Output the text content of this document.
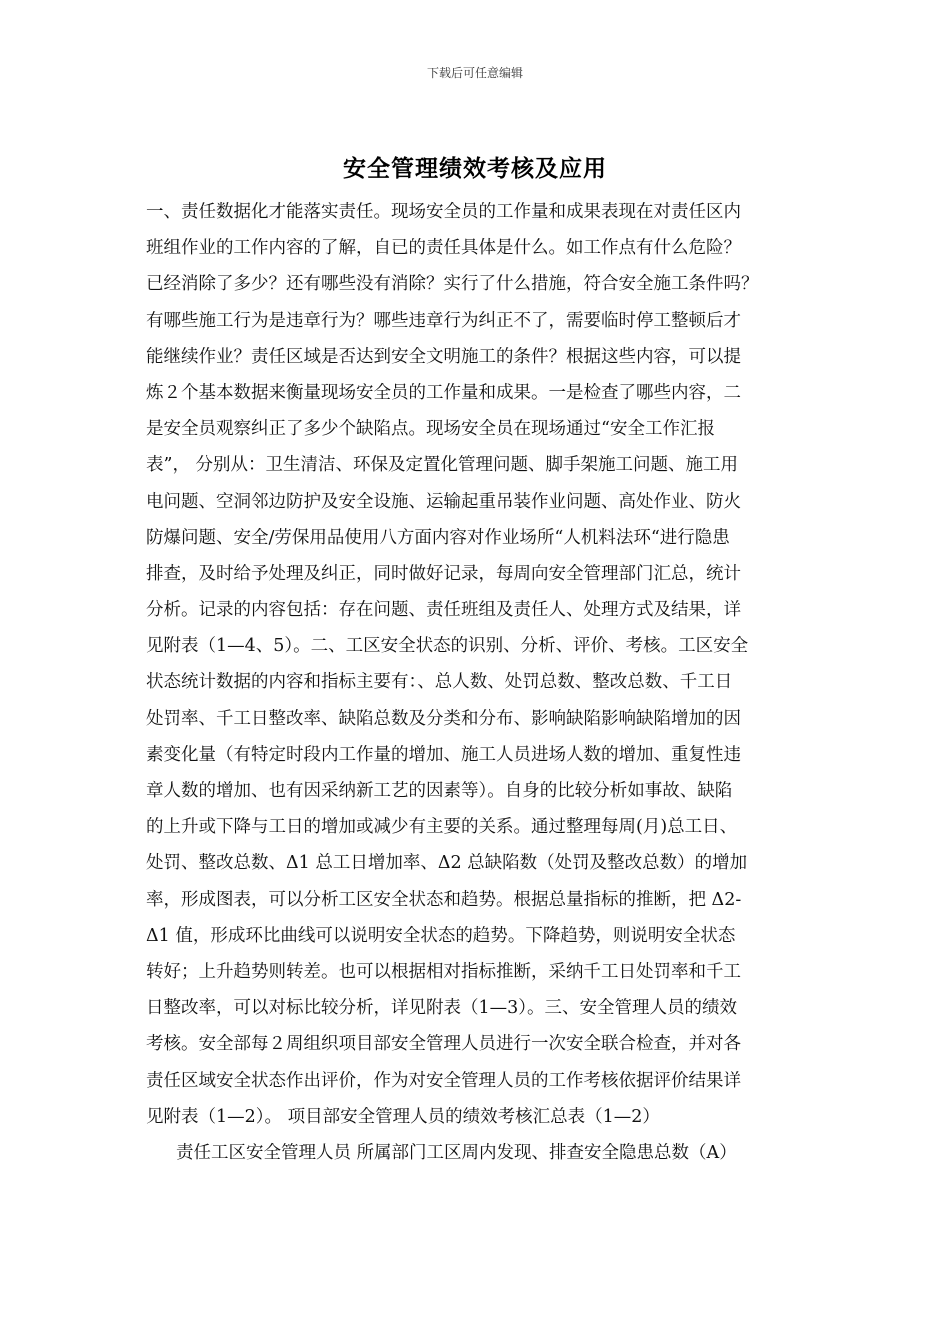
下载后可任意编辑
安全管理绩效考核及应用
一、责任数据化才能落实责任。现场安全员的工作量和成果表现在对责任区内
班组作业的工作内容的了解，自已的责任具体是什么。如工作点有什么危险？
已经消除了多少？还有哪些没有消除？实行了什么措施，符合安全施工条件吗？
有哪些施工行为是违章行为？哪些违章行为纠正不了，需要临时停工整顿后才
能继续作业？责任区域是否达到安全文明施工的条件？根据这些内容，可以提
炼２个基本数据来衡量现场安全员的工作量和成果。一是检查了哪些内容，二
是安全员观察纠正了多少个缺陷点。现场安全员在现场通过“安全工作汇报
表”， 分别从：卫生清洁、环保及定置化管理问题、脚手架施工问题、施工用
电问题、空洞邻边防护及安全设施、运输起重吊装作业问题、高处作业、防火
防爆问题、安全/劳保用品使用八方面内容对作业场所“人机料法环“进行隐患
排查，及时给予处理及纠正，同时做好记录，每周向安全管理部门汇总，统计
分析。记录的内容包括：存在问题、责任班组及责任人、处理方式及结果，详
见附表（1—4、5）。二、工区安全状态的识别、分析、评价、考核。工区安全
状态统计数据的内容和指标主要有：、总人数、处罚总数、整改总数、千工日
处罚率、千工日整改率、缺陷总数及分类和分布、影响缺陷影响缺陷增加的因
素变化量（有特定时段内工作量的增加、施工人员进场人数的增加、重复性违
章人数的增加、也有因采纳新工艺的因素等）。自身的比较分析如事故、缺陷
的上升或下降与工日的增加或减少有主要的关系。通过整理每周(月)总工日、
处罚、整改总数、Δ1 总工日增加率、Δ2 总缺陷数（处罚及整改总数）的增加
率，形成图表，可以分析工区安全状态和趋势。根据总量指标的推断，把 Δ2-
Δ1 值，形成环比曲线可以说明安全状态的趋势。下降趋势，则说明安全状态
转好；上升趋势则转差。也可以根据相对指标推断，采纳千工日处罚率和千工
日整改率，可以对标比较分析，详见附表（1—3）。三、安全管理人员的绩效
考核。安全部每２周组织项目部安全管理人员进行一次安全联合检查，并对各
责任区域安全状态作出评价，作为对安全管理人员的工作考核依据评价结果详
见附表（1—2）。 项目部安全管理人员的绩效考核汇总表（1—2）
责任工区安全管理人员 所属部门工区周内发现、排查安全隐患总数（A）
